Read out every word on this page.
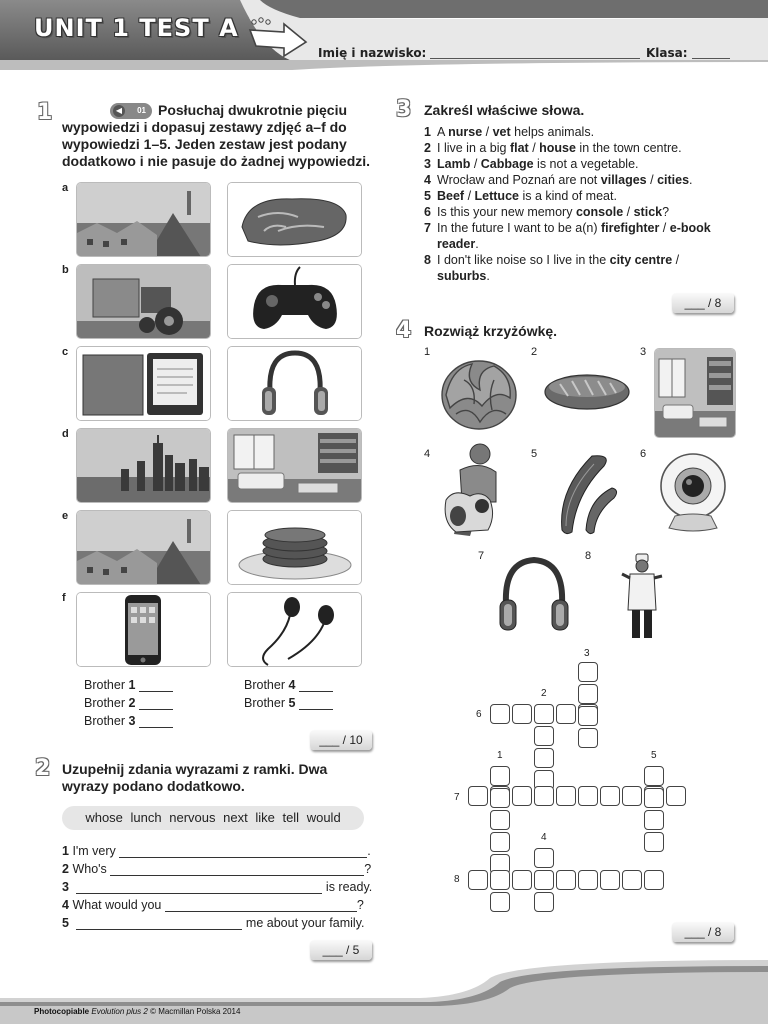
UNIT 1 TEST A
Imię i nazwisko:	Klasa:
1	◀	01 Posłuchaj dwukrotnie pięciu wypowiedzi i dopasuj zestawy zdjęć a–f do wypowiedzi 1–5. Jeden zestaw jest podany dodatkowo i nie pasuje do żadnej wypowiedzi.
a
b
c
d
e
f
Brother 1
Brother 2
Brother 3
Brother 4
Brother 5
___ / 10
2 Uzupełnij zdania wyrazami z ramki. Dwa wyrazy podano dodatkowo.
whose lunch nervous next like tell would
1 I'm very	.
2 Who's	?
3	is ready.
4 What would you	?
5	me about your family.
___ / 5
3 Zakreśl właściwe słowa.
1 A nurse / vet helps animals.
2 I live in a big flat / house in the town centre.
3 Lamb / Cabbage is not a vegetable.
4 Wrocław and Poznań are not villages / cities.
5 Beef / Lettuce is a kind of meat.
6 Is this your new memory console / stick?
7 In the future I want to be a(n) firefighter / e-book reader.
8 I don't like noise so I live in the city centre / suburbs.
___ / 8
4 Rozwiąż krzyżówkę.
1	2	3
4	5	6
7	8
3
2
6
1	5
7
4
8
___ / 8
Photocopiable Evolution plus 2 © Macmillan Polska 2014
